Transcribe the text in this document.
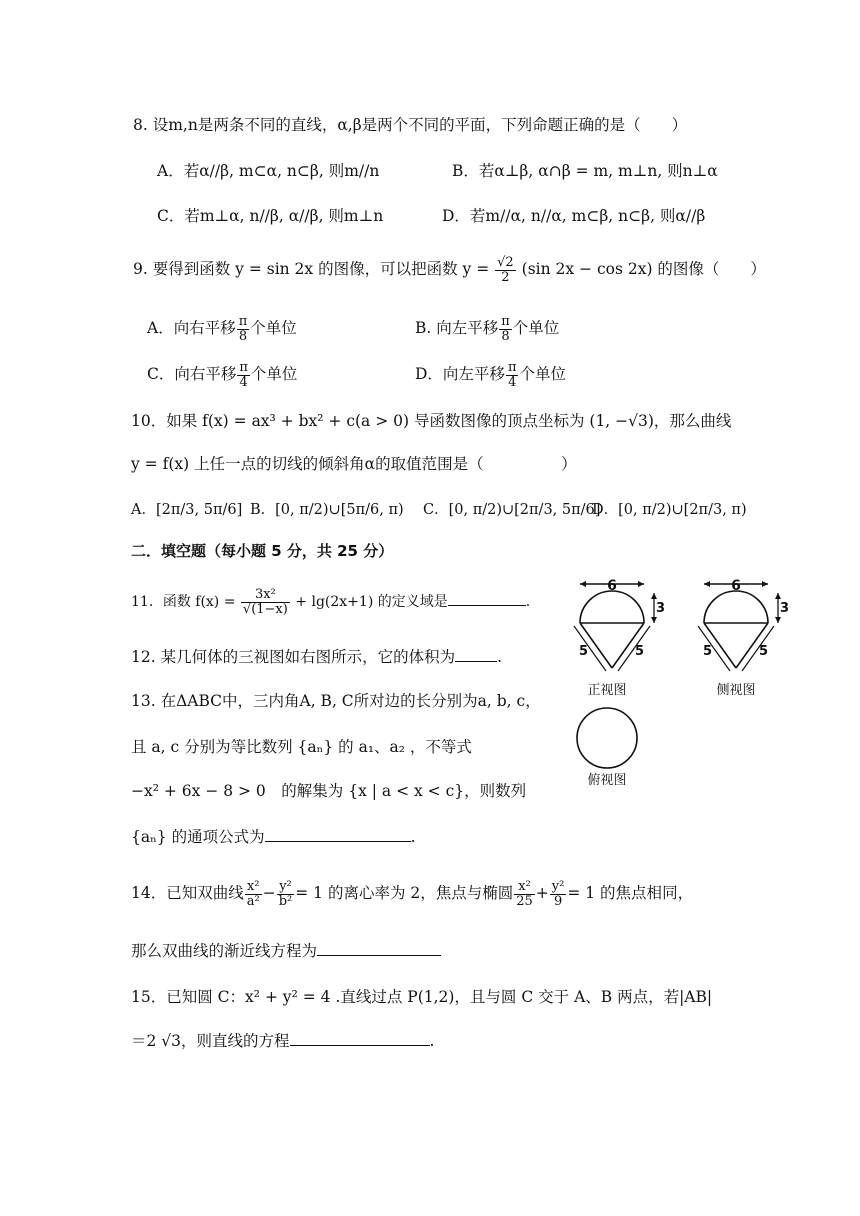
8. 设m,n是两条不同的直线，α,β是两个不同的平面，下列命题正确的是（　　）
A．若α//β, m⊂α, n⊂β, 则m//n	B．若α⊥β, α∩β = m, m⊥n, 则n⊥α
C．若m⊥α, n//β, α//β, 则m⊥n	D．若m//α, n//α, m⊂β, n⊂β, 则α//β
9. 要得到函数 y = sin 2x 的图像，可以把函数 $y = \frac{√2}{2} (\sin$ 2x − cos 2x) 的图像（　　）
A．向右平移 $\frac{\pi}{8}$ 个单位	B. 向左平移 $\frac{\pi}{8}$ 个单位
C．向右平移 $\frac{\pi}{4}$ 个单位	D．向左平移 $\frac{\pi}{4}$ 个单位
10．如果 f(x) = ax³ + bx² + c(a > 0) 导函数图像的顶点坐标为 (1, −√3)，那么曲线
y = f(x) 上任一点的切线的倾斜角α的取值范围是（　　　　　）
A．[2π/3, 5π/6] B．[0, π/2)∪[5π/6, π) C．[0, π/2)∪[2π/3, 5π/6]
D．[0, π/2)∪[2π/3, π)
二．填空题（每小题 5 分，共 25 分）
11．函数 $f(x) = \frac{\text{3x²}}{√(1-x)} + \lg(2x+1)$ 的定义域是	.
12. 某几何体的三视图如右图所示，它的体积为	.
13. 在ΔABC中，三内角A, B, C所对边的长分别为a, b, c，
且 a, c 分别为等比数列 {aₙ} 的 a₁、a₂ ，不等式
−x² + 6x − 8 > 0　的解集为 {x | a < x < c}，则数列
{aₙ} 的通项公式为	.
14．已知双曲线 $\frac{\text{x²}}{\text{a²}} - \frac{\text{y²}}{\text{b²}} = 1$ 的离心率为 2，焦点与椭圆 $\frac{\text{x²}}{25} + \frac{\text{y²}}{9} = 1$ 的焦点相同，
那么双曲线的渐近线方程为
15．已知圆 C：x² + y² = 4 .直线过点 P(1,2)，且与圆 C 交于 A、B 两点，若|AB|
＝2 √3，则直线的方程	.
6
3
5	5
正视图
6
3
5	5
侧视图
俯视图
